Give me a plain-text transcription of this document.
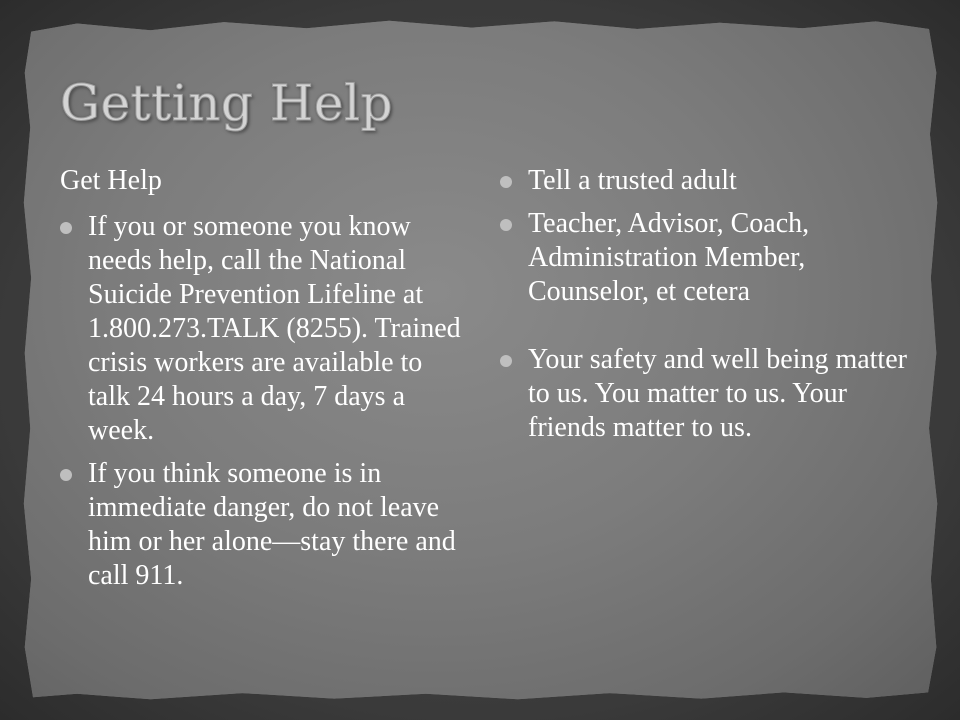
Getting Help

Get Help

If you or someone you know needs help, call the National Suicide Prevention Lifeline at 1.800.273.TALK (8255). Trained crisis workers are available to talk 24 hours a day, 7 days a week.
If you think someone is in immediate danger, do not leave him or her alone—stay there and call 911.
Tell a trusted adult
Teacher, Advisor, Coach, Administration Member, Counselor, et cetera
Your safety and well being matter to us. You matter to us. Your friends matter to us.
